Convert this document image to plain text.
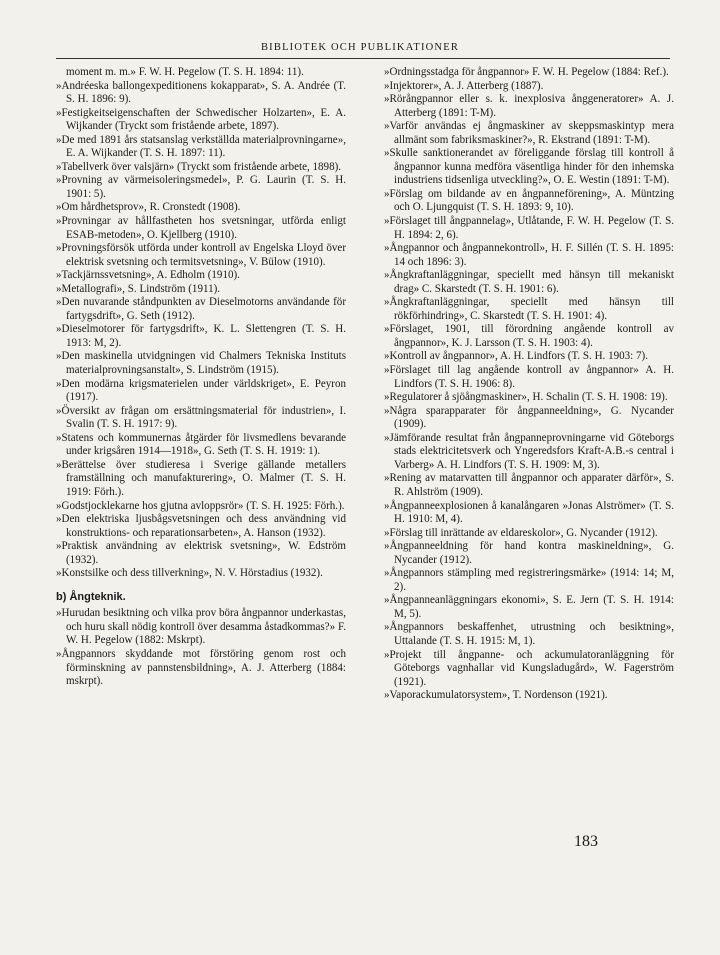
BIBLIOTEK OCH PUBLIKATIONER

moment m. m.» F. W. H. Pegelow (T. S. H. 1894: 11).

»Andréeska ballongexpeditionens kokapparat», S. A. Andrée (T. S. H. 1896: 9).

»Festigkeitseigenschaften der Schwedischer Holzarten», E. A. Wijkander (Tryckt som fristående arbete, 1897).

»De med 1891 års statsanslag verkställda materialprovningarne», E. A. Wijkander (T. S. H. 1897: 11).

»Tabellverk över valsjärn» (Tryckt som fristående arbete, 1898).

»Provning av värmeisoleringsmedel», P. G. Laurin (T. S. H. 1901: 5).

»Om hårdhetsprov», R. Cronstedt (1908).

»Provningar av hållfastheten hos svetsningar, utförda enligt ESAB-metoden», O. Kjellberg (1910).

»Provningsförsök utförda under kontroll av Engelska Lloyd över elektrisk svetsning och termitsvetsning», V. Bülow (1910).

»Tackjärnssvetsning», A. Edholm (1910).

»Metallografi», S. Lindström (1911).

»Den nuvarande ståndpunkten av Dieselmotorns användande för fartygsdrift», G. Seth (1912).

»Dieselmotorer för fartygsdrift», K. L. Slettengren (T. S. H. 1913: M, 2).

»Den maskinella utvidgningen vid Chalmers Tekniska Instituts materialprovningsanstalt», S. Lindström (1915).

»Den modärna krigsmaterielen under världskriget», E. Peyron (1917).

»Översikt av frågan om ersättningsmaterial för industrien», I. Svalin (T. S. H. 1917: 9).

»Statens och kommunernas åtgärder för livsmedlens bevarande under krigsåren 1914—1918», G. Seth (T. S. H. 1919: 1).

»Berättelse över studieresa i Sverige gällande metallers framställning och manufakturering», O. Malmer (T. S. H. 1919: Förh.).

»Godstjocklekarne hos gjutna avloppsrör» (T. S. H. 1925: Förh.).

»Den elektriska ljusbågsvetsningen och dess användning vid konstruktions- och reparationsarbeten», A. Hanson (1932).

»Praktisk användning av elektrisk svetsning», W. Edström (1932).

»Konstsilke och dess tillverkning», N. V. Hörstadius (1932).

b) Ångteknik.

»Hurudan besiktning och vilka prov böra ångpannor underkastas, och huru skall nödig kontroll över desamma åstadkommas?» F. W. H. Pegelow (1882: Mskrpt).

»Ångpannors skyddande mot förstöring genom rost och förminskning av pannstensbildning», A. J. Atterberg (1884: mskrpt).

»Ordningsstadga för ångpannor» F. W. H. Pegelow (1884: Ref.).

»Injektorer», A. J. Atterberg (1887).

»Rörångpannor eller s. k. inexplosiva ånggeneratorer» A. J. Atterberg (1891: T-M).

»Varför användas ej ångmaskiner av skeppsmaskintyp mera allmänt som fabriksmaskiner?», R. Ekstrand (1891: T-M).

»Skulle sanktionerandet av föreliggande förslag till kontroll å ångpannor kunna medföra väsentliga hinder för den inhemska industriens tidsenliga utveckling?», O. E. Westin (1891: T-M).

»Förslag om bildande av en ångpanneförening», A. Müntzing och O. Ljungquist (T. S. H. 1893: 9, 10).

»Förslaget till ångpannelag», Utlåtande, F. W. H. Pegelow (T. S. H. 1894: 2, 6).

»Ångpannor och ångpannekontroll», H. F. Sillén (T. S. H. 1895: 14 och 1896: 3).

»Ångkraftanläggningar, speciellt med hänsyn till mekaniskt drag» C. Skarstedt (T. S. H. 1901: 6).

»Ångkraftanläggningar, speciellt med hänsyn till rökförhindring», C. Skarstedt (T. S. H. 1901: 4).

»Förslaget, 1901, till förordning angående kontroll av ångpannor», K. J. Larsson (T. S. H. 1903: 4).

»Kontroll av ångpannor», A. H. Lindfors (T. S. H. 1903: 7).

»Förslaget till lag angående kontroll av ångpannor» A. H. Lindfors (T. S. H. 1906: 8).

»Regulatorer å sjöångmaskiner», H. Schalin (T. S. H. 1908: 19).

»Några sparapparater för ångpanneeldning», G. Nycander (1909).

»Jämförande resultat från ångpanneprovningarne vid Göteborgs stads elektricitetsverk och Yngeredsfors Kraft-A.B.-s central i Varberg» A. H. Lindfors (T. S. H. 1909: M, 3).

»Rening av matarvatten till ångpannor och apparater därför», S. R. Ahlström (1909).

»Ångpanneexplosionen å kanalångaren »Jonas Alströmer» (T. S. H. 1910: M, 4).

»Förslag till inrättande av eldareskolor», G. Nycander (1912).

»Ångpanneeldning för hand kontra maskineldning», G. Nycander (1912).

»Ångpannors stämpling med registreringsmärke» (1914: 14; M, 2).

»Ångpanneanläggningars ekonomi», S. E. Jern (T. S. H. 1914: M, 5).

»Ångpannors beskaffenhet, utrustning och besiktning», Uttalande (T. S. H. 1915: M, 1).

»Projekt till ångpanne- och ackumulatoranläggning för Göteborgs vagnhallar vid Kungsladugård», W. Fagerström (1921).

»Vaporackumulatorsystem», T. Nordenson (1921).

183
